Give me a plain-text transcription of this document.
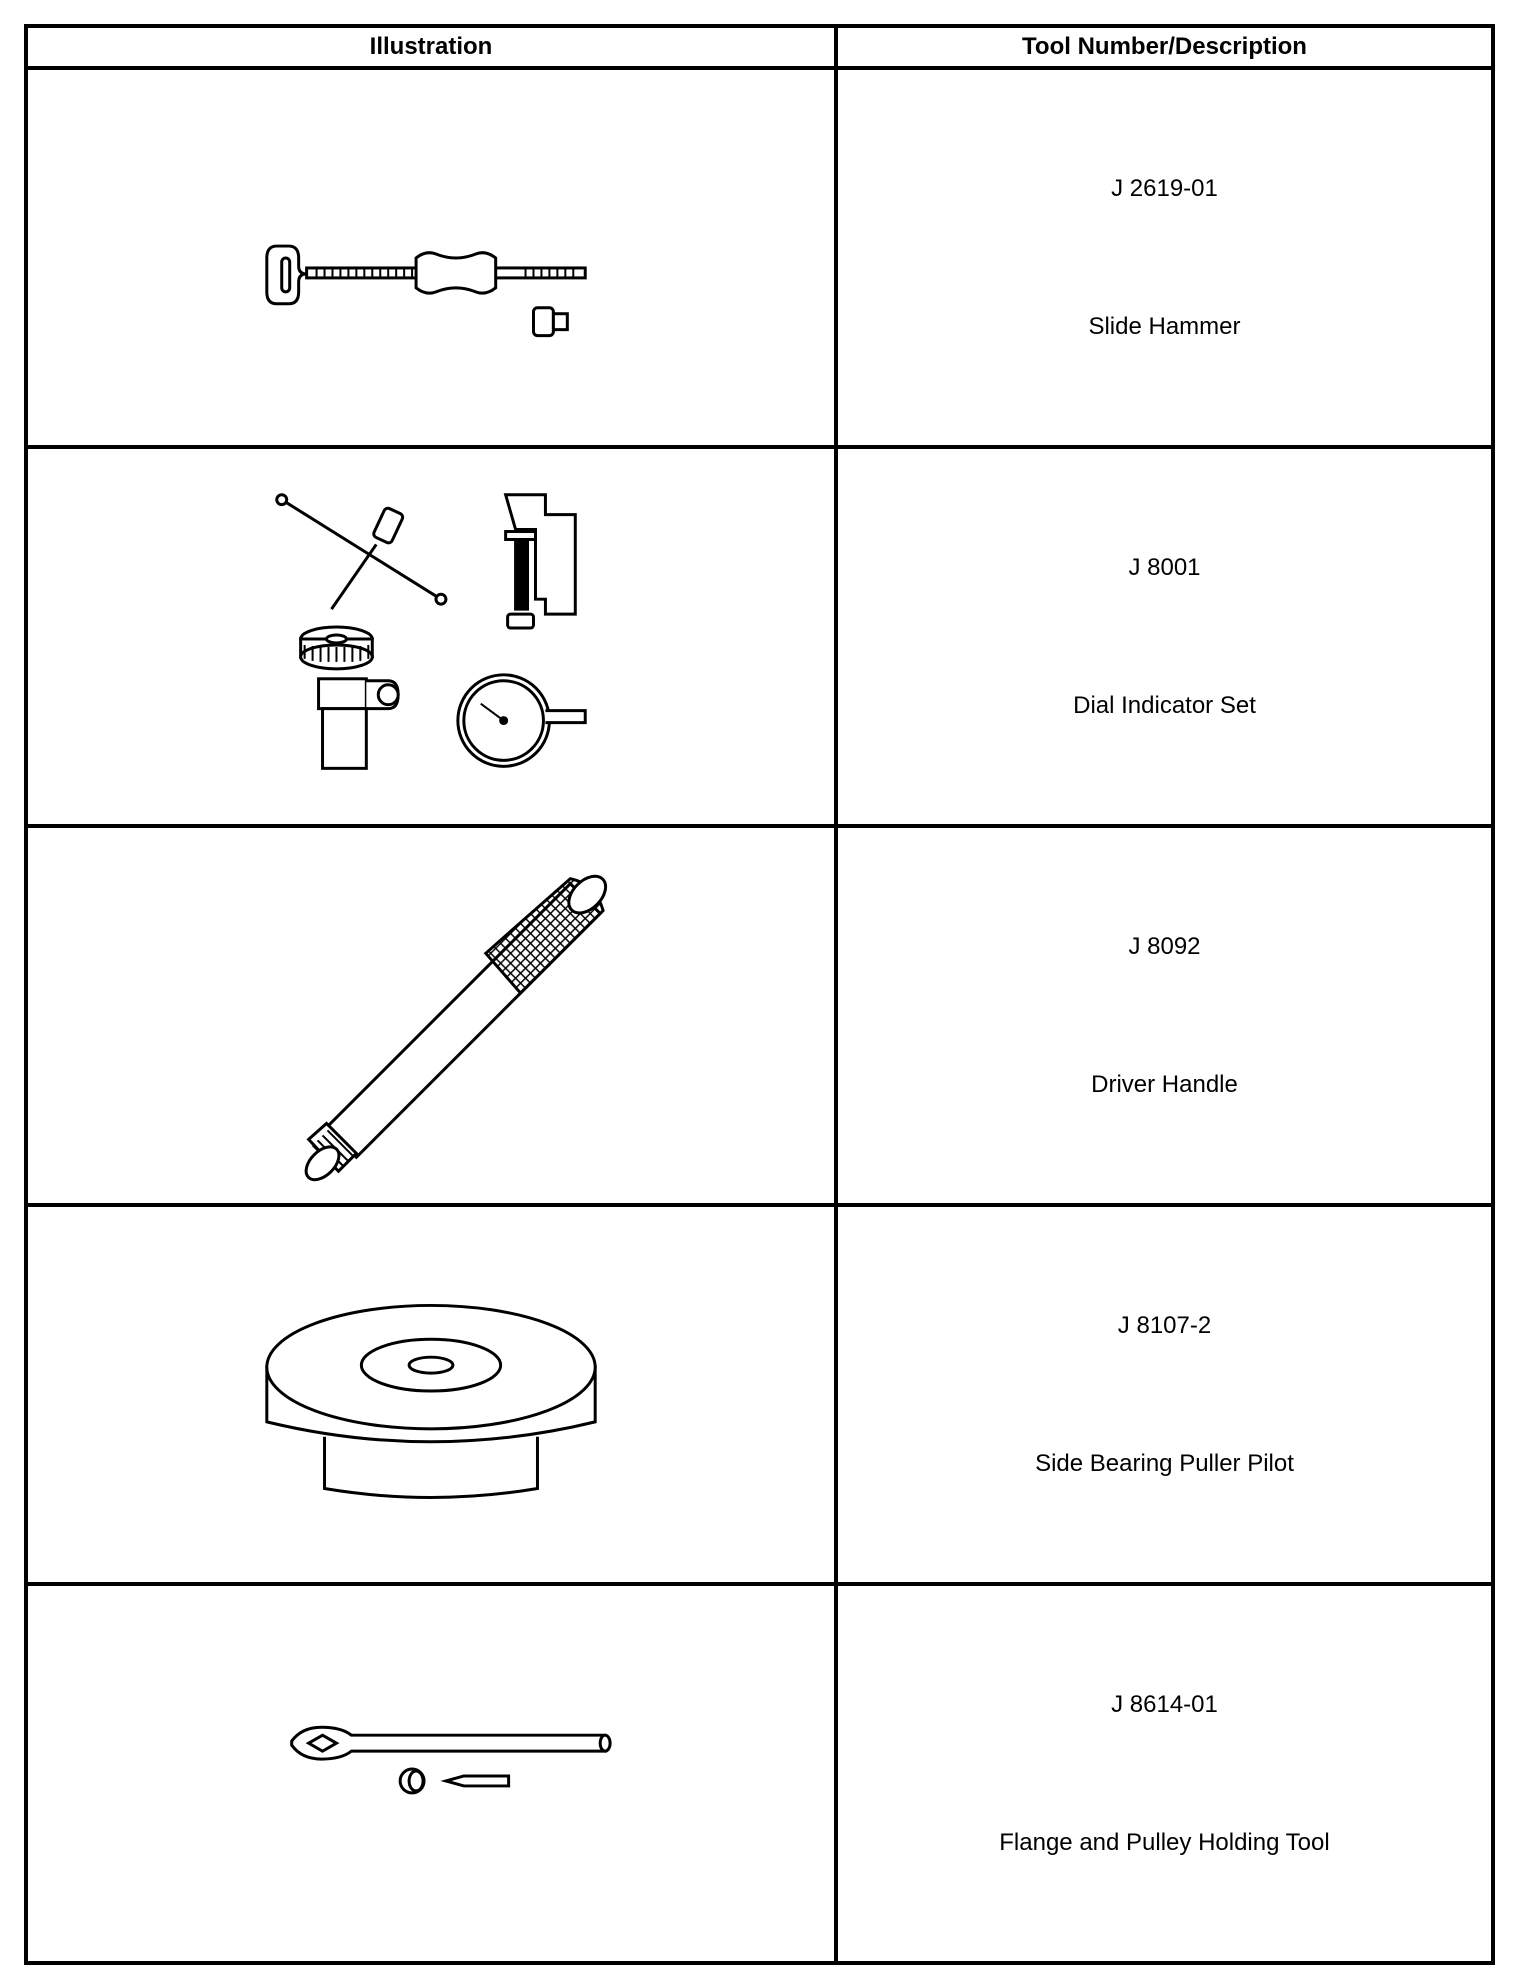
Illustration	Tool Number/Description

J 2619-01
Slide Hammer

J 8001
Dial Indicator Set

J 8092
Driver Handle

J 8107-2
Side Bearing Puller Pilot

J 8614-01
Flange and Pulley Holding Tool
